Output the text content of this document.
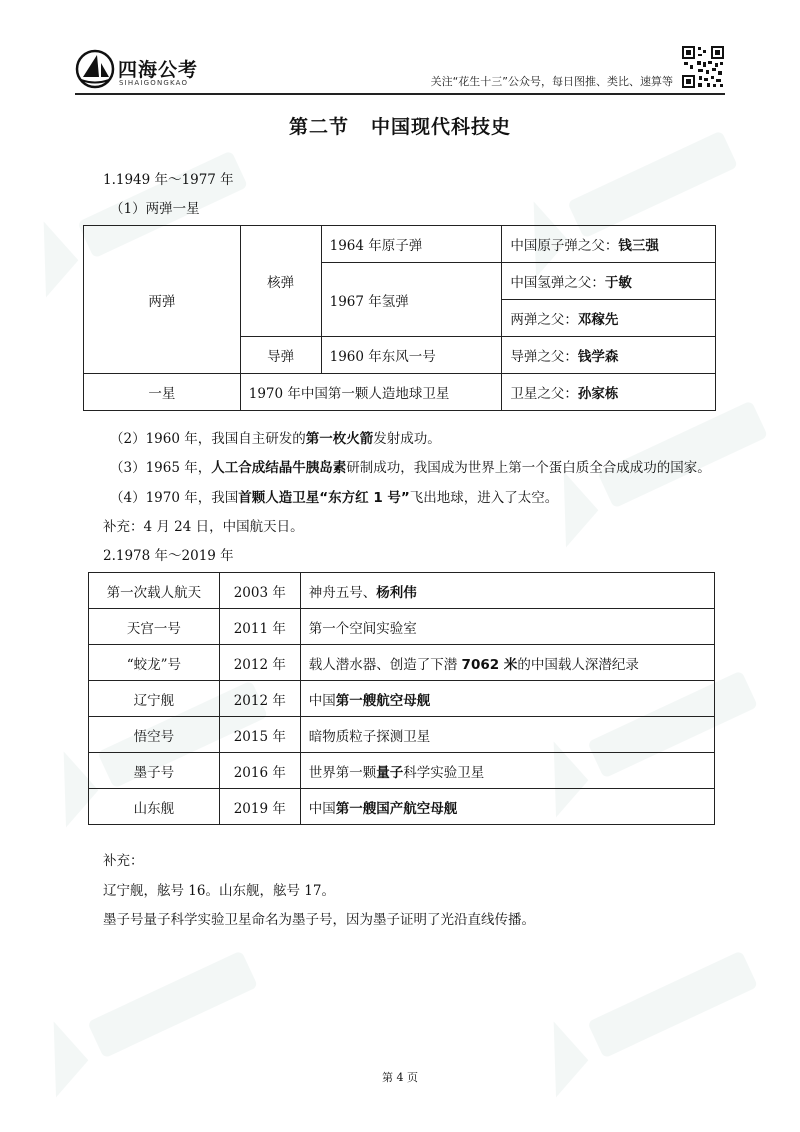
四海公考
SIHAIGONGKAO	关注“花生十三”公众号，每日图推、类比、速算等
第二节 中国现代科技史
1.1949 年～1977 年
（1）两弹一星
两弹	核弹	1964 年原子弹	中国原子弹之父：钱三强
		1967 年氢弹	中国氢弹之父：于敏
			两弹之父：邓稼先
	导弹	1960 年东风一号	导弹之父：钱学森
一星	1970 年中国第一颗人造地球卫星		卫星之父：孙家栋
（2）1960 年，我国自主研发的第一枚火箭发射成功。
（3）1965 年，人工合成结晶牛胰岛素研制成功，我国成为世界上第一个蛋白质全合成成功的国家。
（4）1970 年，我国首颗人造卫星“东方红 1 号”飞出地球，进入了太空。
补充：4 月 24 日，中国航天日。
2.1978 年～2019 年
第一次载人航天	2003 年	神舟五号、杨利伟
天宫一号	2011 年	第一个空间实验室
“蛟龙”号	2012 年	载人潜水器、创造了下潜 7062 米的中国载人深潜纪录
辽宁舰	2012 年	中国第一艘航空母舰
悟空号	2015 年	暗物质粒子探测卫星
墨子号	2016 年	世界第一颗量子科学实验卫星
山东舰	2019 年	中国第一艘国产航空母舰
补充：
辽宁舰，舷号 16。山东舰，舷号 17。
墨子号量子科学实验卫星命名为墨子号，因为墨子证明了光沿直线传播。
第 4 页
